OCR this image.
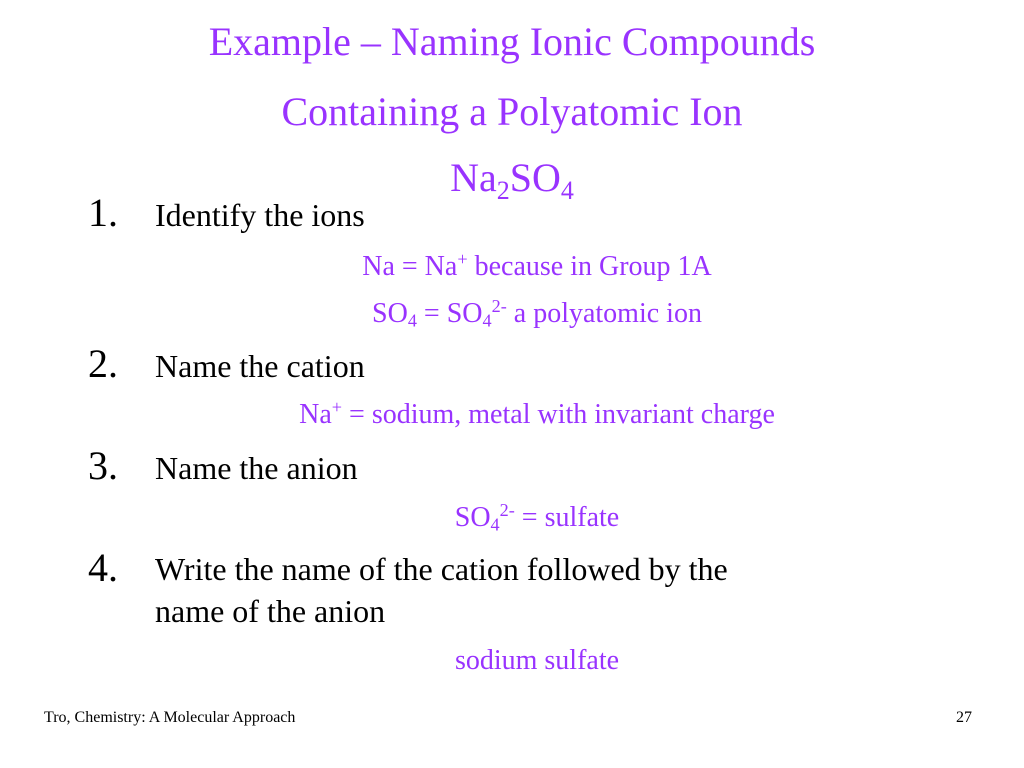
Example – Naming Ionic Compounds
Containing a Polyatomic Ion
$Na_2SO_4$
1. Identify the ions
Na = Na+ because in Group 1A
$SO_4 = SO_4^{2-}$ a polyatomic ion
2. Name the cation
Na+ = sodium, metal with invariant charge
3. Name the anion
$SO_4^{2-}$ = sulfate
4. Write the name of the cation followed by the
name of the anion
sodium sulfate
Tro, Chemistry: A Molecular Approach	27
